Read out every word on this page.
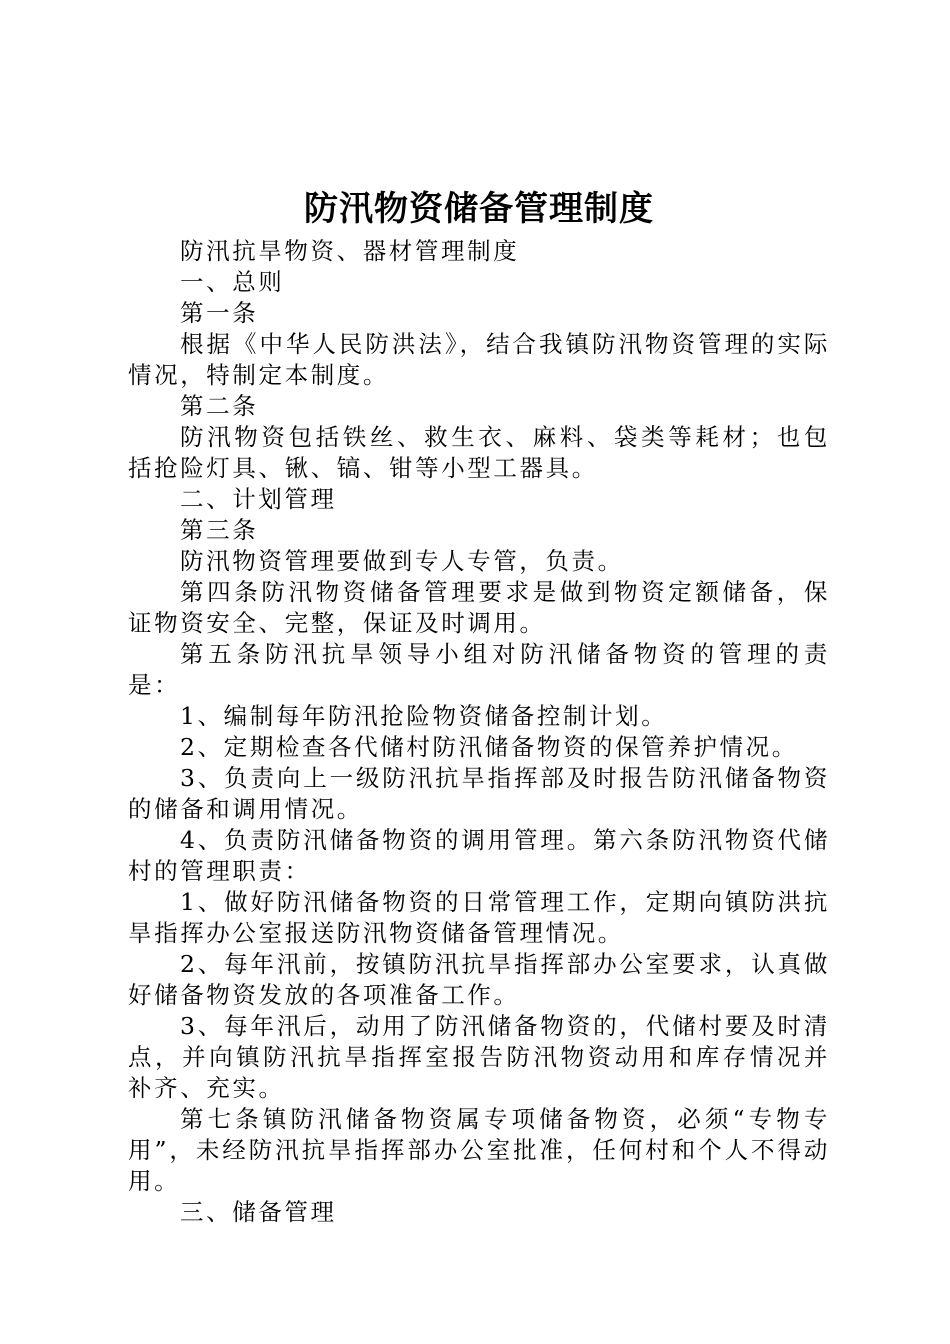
防汛物资储备管理制度

防汛抗旱物资、器材管理制度

一、总则

第一条

根据《中华人民防洪法》，结合我镇防汛物资管理的实际情况，特制定本制度。

第二条

防汛物资包括铁丝、救生衣、麻料、袋类等耗材；也包括抢险灯具、锹、镐、钳等小型工器具。

二、计划管理

第三条

防汛物资管理要做到专人专管，负责。

第四条防汛物资储备管理要求是做到物资定额储备，保证物资安全、完整，保证及时调用。

第五条防汛抗旱领导小组对防汛储备物资的管理的责是：

1、编制每年防汛抢险物资储备控制计划。

2、定期检查各代储村防汛储备物资的保管养护情况。

3、负责向上一级防汛抗旱指挥部及时报告防汛储备物资的储备和调用情况。

4、负责防汛储备物资的调用管理。第六条防汛物资代储村的管理职责：

1、做好防汛储备物资的日常管理工作，定期向镇防洪抗旱指挥办公室报送防汛物资储备管理情况。

2、每年汛前，按镇防汛抗旱指挥部办公室要求，认真做好储备物资发放的各项准备工作。

3、每年汛后，动用了防汛储备物资的，代储村要及时清点，并向镇防汛抗旱指挥室报告防汛物资动用和库存情况并补齐、充实。

第七条镇防汛储备物资属专项储备物资，必须“专物专用”，未经防汛抗旱指挥部办公室批准，任何村和个人不得动用。

三、储备管理
